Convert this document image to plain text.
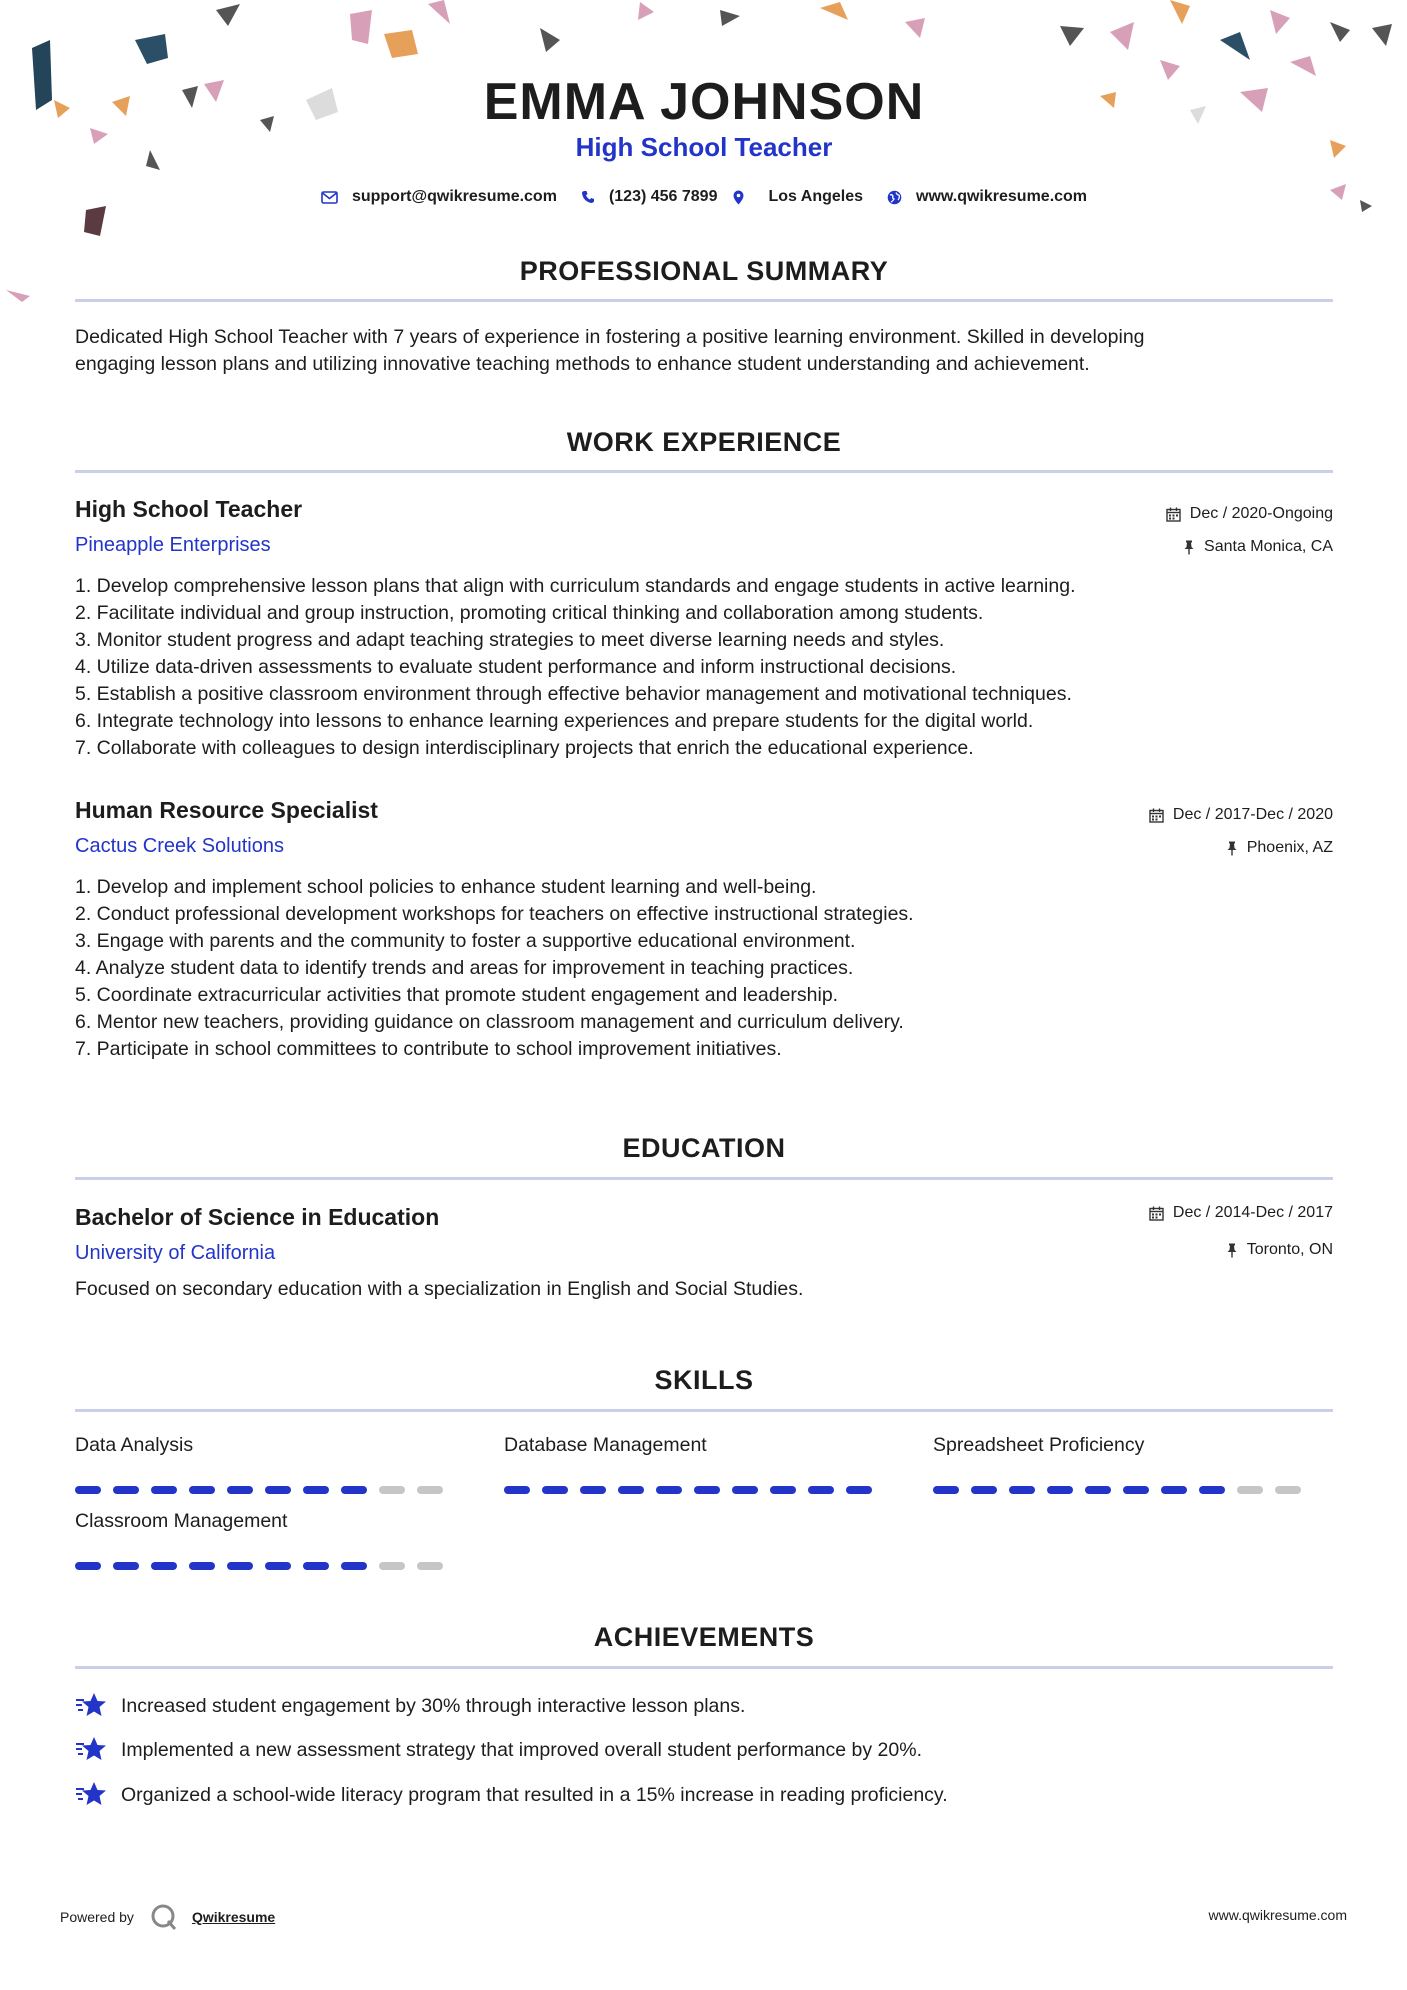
EMMA JOHNSON
High School Teacher
support@qwikresume.com	(123) 456 7899	Los Angeles	www.qwikresume.com
PROFESSIONAL SUMMARY
Dedicated High School Teacher with 7 years of experience in fostering a positive learning environment. Skilled in developing
engaging lesson plans and utilizing innovative teaching methods to enhance student understanding and achievement.
WORK EXPERIENCE
High School Teacher
Pineapple Enterprises
Dec / 2020-Ongoing
Santa Monica, CA
1. Develop comprehensive lesson plans that align with curriculum standards and engage students in active learning.
2. Facilitate individual and group instruction, promoting critical thinking and collaboration among students.
3. Monitor student progress and adapt teaching strategies to meet diverse learning needs and styles.
4. Utilize data-driven assessments to evaluate student performance and inform instructional decisions.
5. Establish a positive classroom environment through effective behavior management and motivational techniques.
6. Integrate technology into lessons to enhance learning experiences and prepare students for the digital world.
7. Collaborate with colleagues to design interdisciplinary projects that enrich the educational experience.
Human Resource Specialist
Cactus Creek Solutions
Dec / 2017-Dec / 2020
Phoenix, AZ
1. Develop and implement school policies to enhance student learning and well-being.
2. Conduct professional development workshops for teachers on effective instructional strategies.
3. Engage with parents and the community to foster a supportive educational environment.
4. Analyze student data to identify trends and areas for improvement in teaching practices.
5. Coordinate extracurricular activities that promote student engagement and leadership.
6. Mentor new teachers, providing guidance on classroom management and curriculum delivery.
7. Participate in school committees to contribute to school improvement initiatives.
EDUCATION
Bachelor of Science in Education
University of California
Dec / 2014-Dec / 2017
Toronto, ON
Focused on secondary education with a specialization in English and Social Studies.
SKILLS
Data Analysis	Database Management	Spreadsheet Proficiency
Classroom Management
ACHIEVEMENTS
Increased student engagement by 30% through interactive lesson plans.
Implemented a new assessment strategy that improved overall student performance by 20%.
Organized a school-wide literacy program that resulted in a 15% increase in reading proficiency.
Powered by	Qwikresume	www.qwikresume.com
